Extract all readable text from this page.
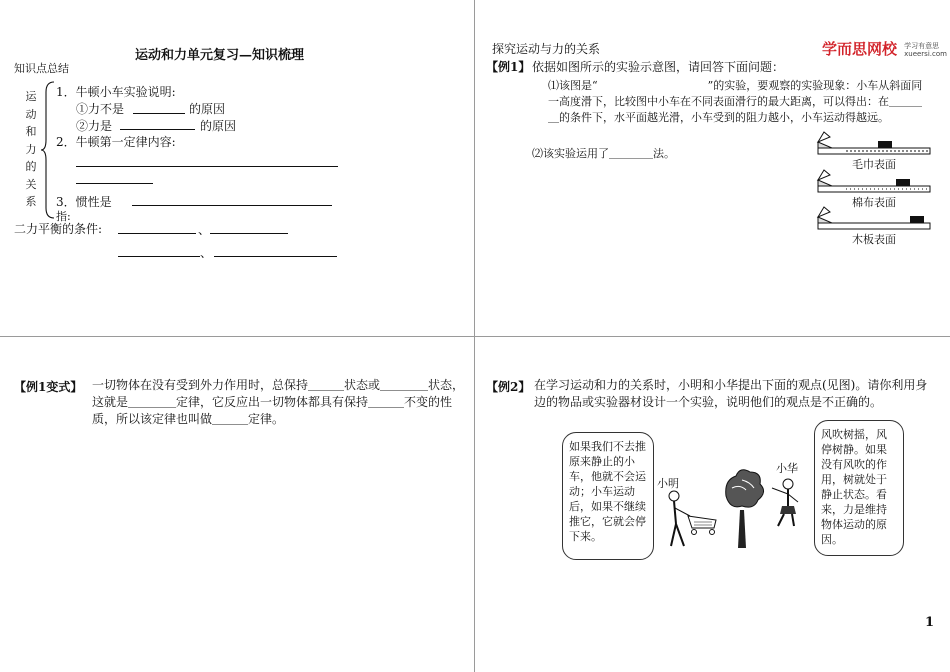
运动和力单元复习—知识梳理
知识点总结
运
动
和
力
的
关
系
1．牛顿小车实验说明:
①力不是	的原因
②力是	的原因
2．牛顿第一定律内容:
3．惯性是
指:
二力平衡的条件:	、
、
探究运动与力的关系
【例1】 依据如图所示的实验示意图，请回答下面问题：
学而思网校 学习有意思
xueersi.com
⑴该图是“　　　　　　　　　　”的实验，要观察的实验现象：小车从斜面同一高度滑下，比较图中小车在不同表面滑行的最大距离，可以得出：在＿＿＿＿的条件下，水平面越光滑，小车受到的阻力越小，小车运动得越远。
⑵该实验运用了＿＿＿＿法。
毛巾表面
棉布表面
木板表面
【例1变式】 一切物体在没有受到外力作用时，总保持＿＿＿状态或＿＿＿＿状态，这就是＿＿＿＿定律，它反应出一切物体都具有保持＿＿＿不变的性质，所以该定律也叫做＿＿＿定律。
【例2】 在学习运动和力的关系时，小明和小华提出下面的观点(见图)。请你利用身边的物品或实验器材设计一个实验，说明他们的观点是不正确的。
如果我们不去推原来静止的小车，他就不会运动；小车运动后，如果不继续推它，它就会停下来。
风吹树摇，风停树静。如果没有风吹的作用，树就处于静止状态。看来，力是维持物体运动的原因。
小明
小华
1
